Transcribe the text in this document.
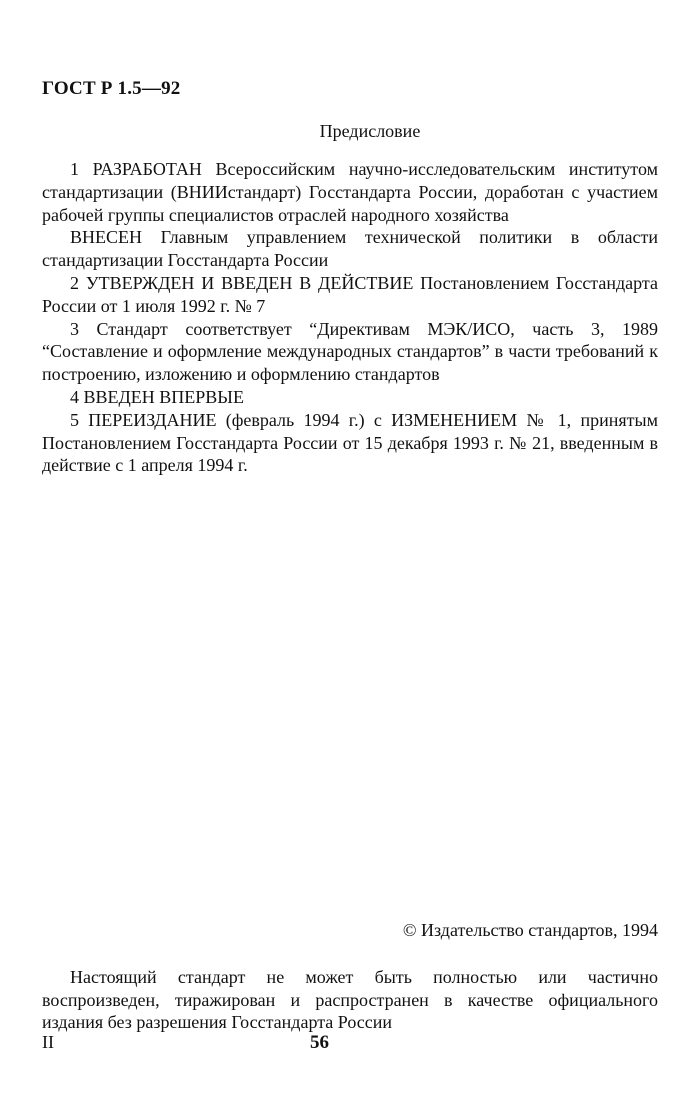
ГОСТ Р 1.5—92
Предисловие

1 РАЗРАБОТАН Всероссийским научно-исследовательским институтом стандартизации (ВНИИстандарт) Госстандарта России, доработан с участием рабочей группы специалистов отраслей народного хозяйства

ВНЕСЕН Главным управлением технической политики в области стандартизации Госстандарта России

2 УТВЕРЖДЕН И ВВЕДЕН В ДЕЙСТВИЕ Постановлением Госстандарта России от 1 июля 1992 г. № 7

3 Стандарт соответствует “Директивам МЭК/ИСО, часть 3, 1989 “Составление и оформление международных стандартов” в части требований к построению, изложению и оформлению стандартов

4 ВВЕДЕН ВПЕРВЫЕ

5 ПЕРЕИЗДАНИЕ (февраль 1994 г.) с ИЗМЕНЕНИЕМ № 1, принятым Постановлением Госстандарта России от 15 декабря 1993 г. № 21, введенным в действие с 1 апреля 1994 г.

© Издательство стандартов, 1994

Настоящий стандарт не может быть полностью или частично воспроизведен, тиражирован и распространен в качестве официального издания без разрешения Госстандарта России

II	56
